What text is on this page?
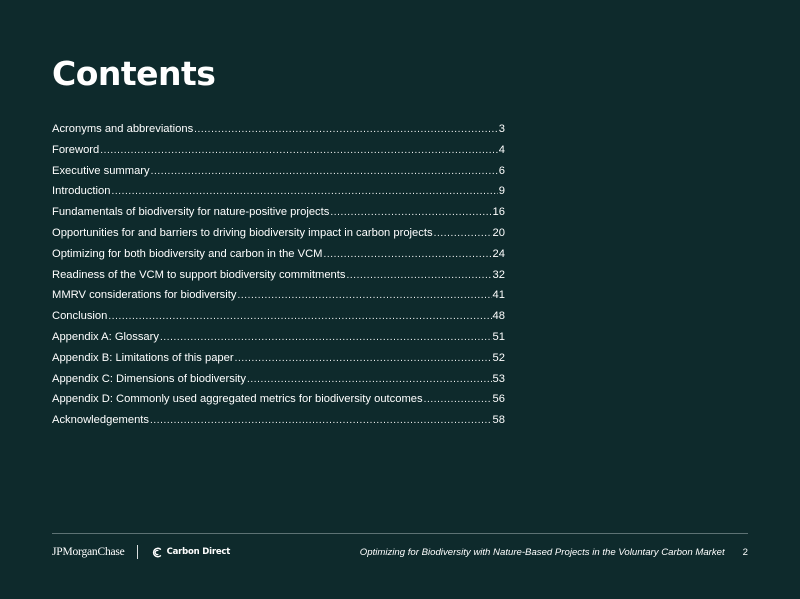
Contents
Acronyms and abbreviations .....	3
Foreword .....	4
Executive summary .....	6
Introduction .....	9
Fundamentals of biodiversity for nature-positive projects .....	16
Opportunities for and barriers to driving biodiversity impact in carbon projects .....	20
Optimizing for both biodiversity and carbon in the VCM .....	24
Readiness of the VCM to support biodiversity commitments .....	32
MMRV considerations for biodiversity .....	41
Conclusion .....	48
Appendix A: Glossary .....	51
Appendix B: Limitations of this paper .....	52
Appendix C: Dimensions of biodiversity .....	53
Appendix D: Commonly used aggregated metrics for biodiversity outcomes .....	56
Acknowledgements .....	58
JPMorganChase	Carbon Direct	Optimizing for Biodiversity with Nature-Based Projects in the Voluntary Carbon Market 2
